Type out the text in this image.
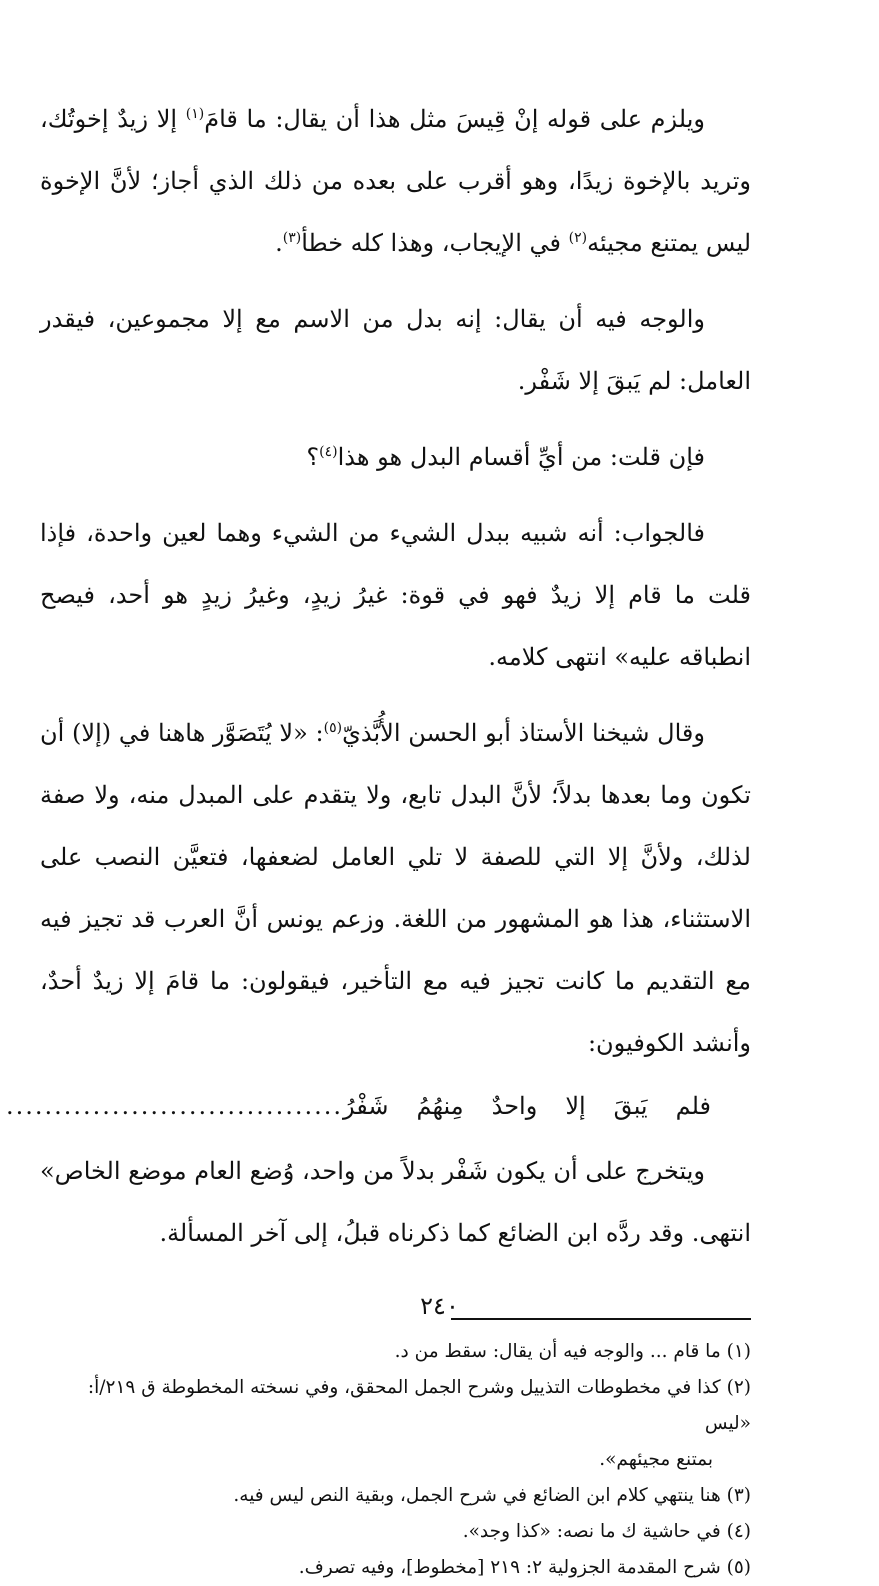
ويلزم على قوله إنْ قِيسَ مثل هذا أن يقال: ما قامَ$^{(١)}$ إلا زيدٌ إخوتُك، وتريد بالإخوة زيدًا، وهو أقرب على بعده من ذلك الذي أجاز؛ لأنَّ الإخوة ليس يمتنع مجيئه$^{(٢)}$ في الإيجاب، وهذا كله خطأ$^{(٣)}$.

والوجه فيه أن يقال: إنه بدل من الاسم مع إلا مجموعين، فيقدر العامل: لم يَبقَ إلا شَفْر.

فإن قلت: من أيِّ أقسام البدل هو هذا$^{(٤)}$؟

فالجواب: أنه شبيه ببدل الشيء من الشيء وهما لعين واحدة، فإذا قلت ما قام إلا زيدٌ فهو في قوة: غيرُ زيدٍ، وغيرُ زيدٍ هو أحد، فيصح انطباقه عليه» انتهى كلامه.

وقال شيخنا الأستاذ أبو الحسن الأُبَّذيّ$^{(٥)}$: «لا يُتَصَوَّر هاهنا في (إلا) أن تكون وما بعدها بدلاً؛ لأنَّ البدل تابع، ولا يتقدم على المبدل منه، ولا صفة لذلك، ولأنَّ إلا التي للصفة لا تلي العامل لضعفها، فتعيَّن النصب على الاستثناء، هذا هو المشهور من اللغة. وزعم يونس أنَّ العرب قد تجيز فيه مع التقديم ما كانت تجيز فيه مع التأخير، فيقولون: ما قامَ إلا زيدٌ أحدٌ، وأنشد الكوفيون:

فلم
يَبقَ
إلا
واحدٌ
مِنهُمُ
شَفْرُ
...................................

ويتخرج على أن يكون شَفْر بدلاً من واحد، وُضع العام موضع الخاص» انتهى. وقد ردَّه ابن الضائع كما ذكرناه قبلُ، إلى آخر المسألة.

(١) ما قام ... والوجه فيه أن يقال: سقط من د.

(٢) كذا في مخطوطات التذييل وشرح الجمل المحقق، وفي نسخته المخطوطة ق ٢١٩/أ: «ليس

بمتنع مجيئهم».

(٣) هنا ينتهي كلام ابن الضائع في شرح الجمل، وبقية النص ليس فيه.

(٤) في حاشية ك ما نصه: «كذا وجد».

(٥) شرح المقدمة الجزولية ٢: ٢١٩ [مخطوط]، وفيه تصرف.

٢٤٠
